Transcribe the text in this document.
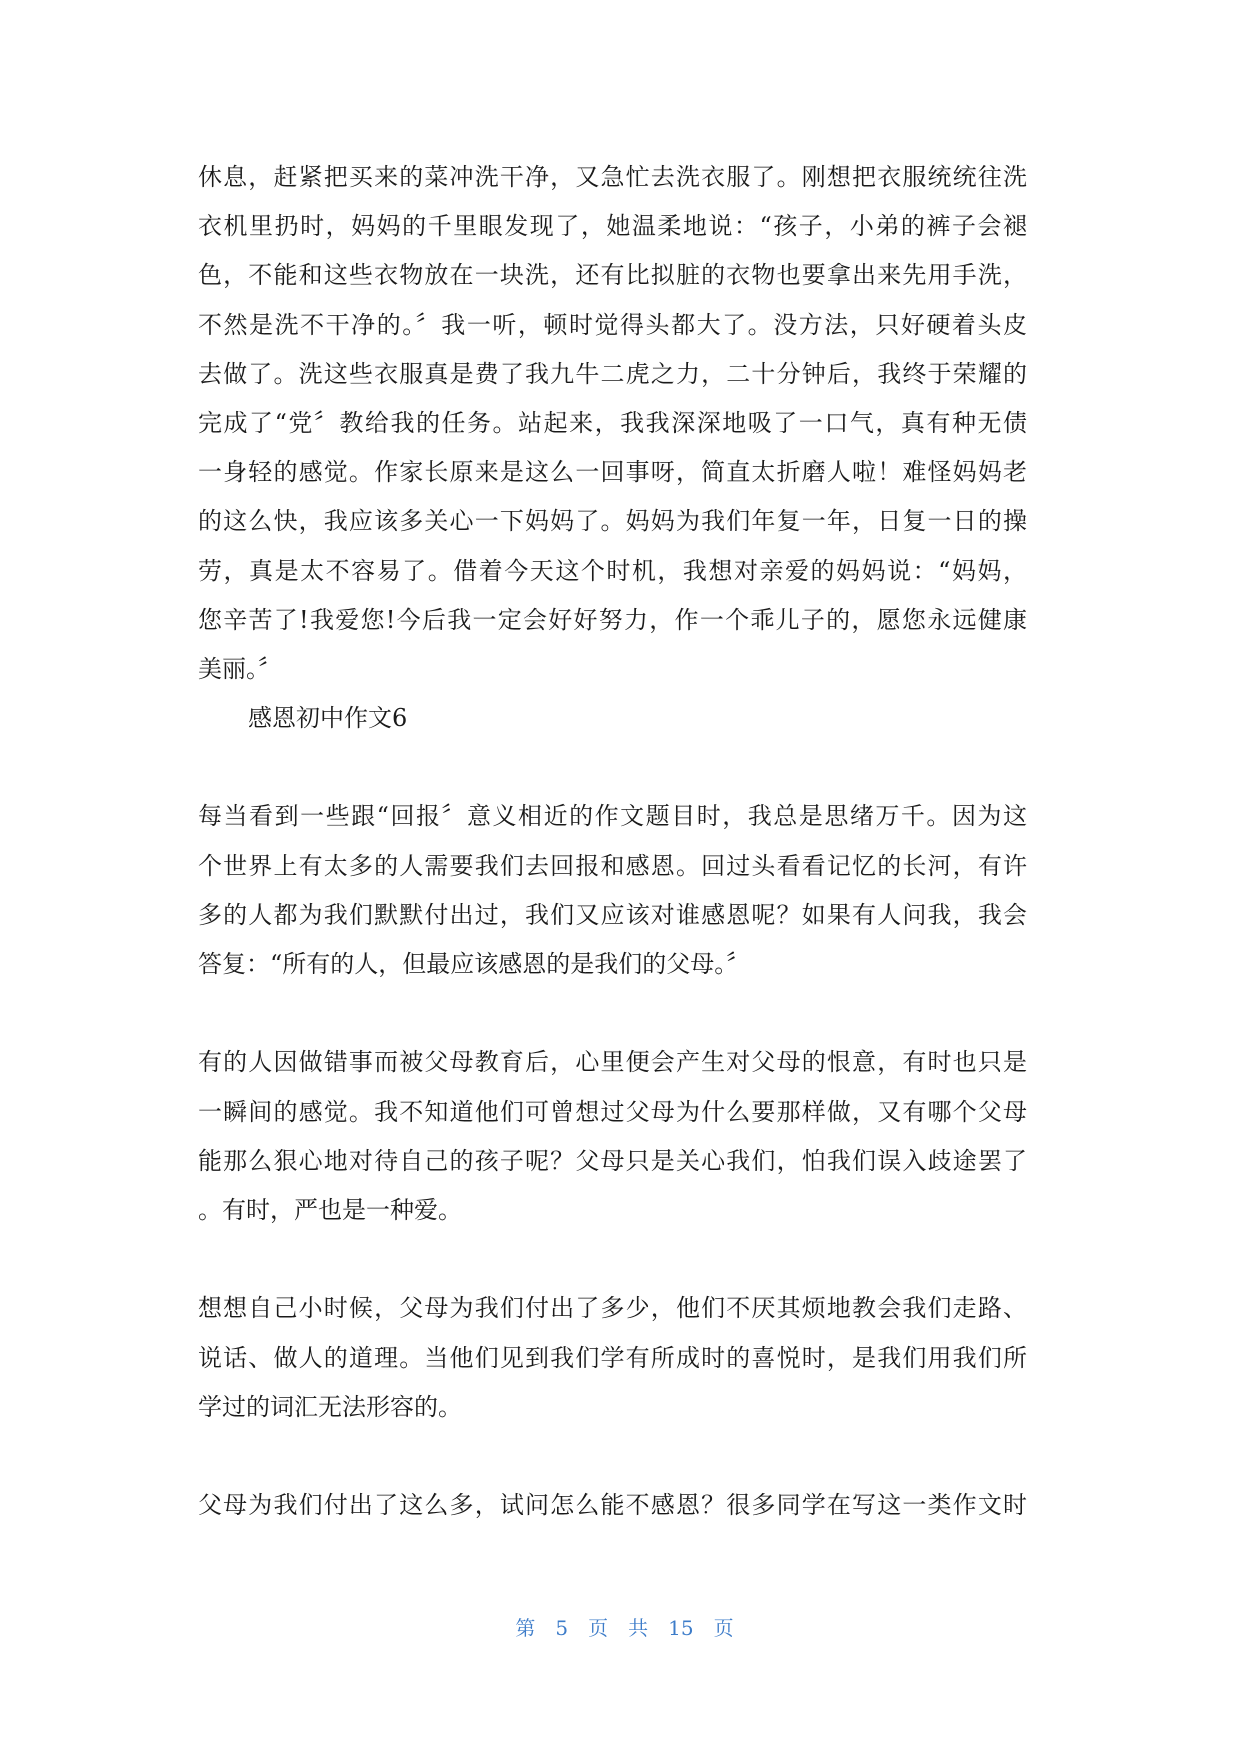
休息，赶紧把买来的菜冲洗干净，又急忙去洗衣服了。刚想把衣服统统往洗
衣机里扔时，妈妈的千里眼发现了，她温柔地说：“孩子，小弟的裤子会褪
色，不能和这些衣物放在一块洗，还有比拟脏的衣物也要拿出来先用手洗，
不然是洗不干净的。〞我一听，顿时觉得头都大了。没方法，只好硬着头皮
去做了。洗这些衣服真是费了我九牛二虎之力，二十分钟后，我终于荣耀的
完成了“党〞教给我的任务。站起来，我我深深地吸了一口气，真有种无债
一身轻的感觉。作家长原来是这么一回事呀，简直太折磨人啦！难怪妈妈老
的这么快，我应该多关心一下妈妈了。妈妈为我们年复一年，日复一日的操
劳，真是太不容易了。借着今天这个时机，我想对亲爱的妈妈说：“妈妈，
您辛苦了!我爱您!今后我一定会好好努力，作一个乖儿子的，愿您永远健康
美丽。〞
感恩初中作文6
每当看到一些跟“回报〞意义相近的作文题目时，我总是思绪万千。因为这
个世界上有太多的人需要我们去回报和感恩。回过头看看记忆的长河，有许
多的人都为我们默默付出过，我们又应该对谁感恩呢？如果有人问我，我会
答复：“所有的人，但最应该感恩的是我们的父母。〞
有的人因做错事而被父母教育后，心里便会产生对父母的恨意，有时也只是
一瞬间的感觉。我不知道他们可曾想过父母为什么要那样做，又有哪个父母
能那么狠心地对待自己的孩子呢？父母只是关心我们，怕我们误入歧途罢了
。有时，严也是一种爱。
想想自己小时候，父母为我们付出了多少，他们不厌其烦地教会我们走路、
说话、做人的道理。当他们见到我们学有所成时的喜悦时，是我们用我们所
学过的词汇无法形容的。
父母为我们付出了这么多，试问怎么能不感恩？很多同学在写这一类作文时
第 5 页 共 15 页
